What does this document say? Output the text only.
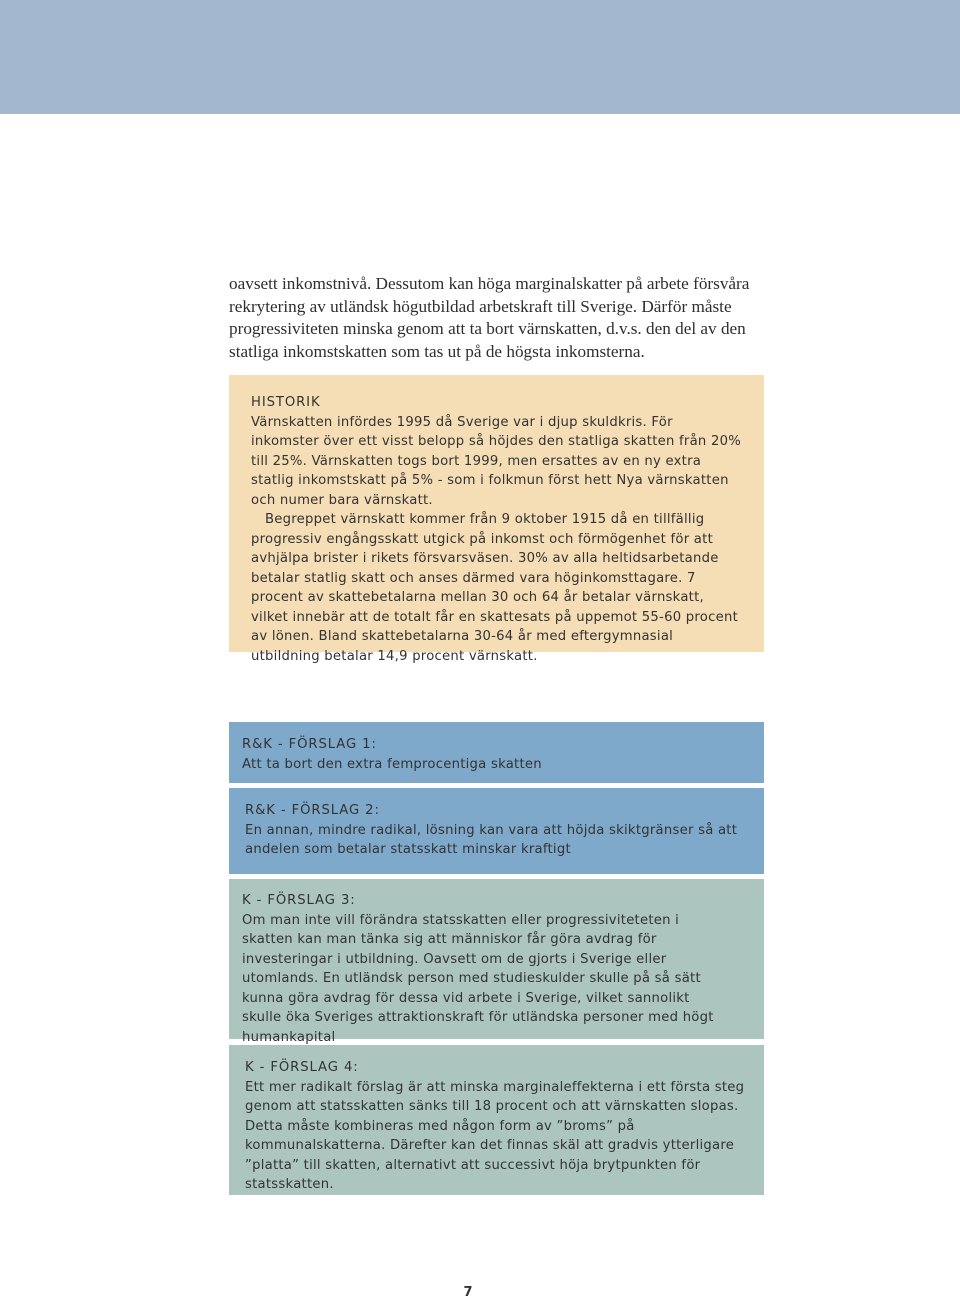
oavsett inkomstnivå. Dessutom kan höga marginalskatter på arbete försvåra rekrytering av utländsk högutbildad arbetskraft till Sverige. Därför måste progressiviteten minska genom att ta bort värnskatten, d.v.s. den del av den statliga inkomstskatten som tas ut på de högsta inkomsterna.

HISTORIK

Värnskatten infördes 1995 då Sverige var i djup skuldkris. För inkomster över ett visst belopp så höjdes den statliga skatten från 20% till 25%. Värnskatten togs bort 1999, men ersattes av en ny extra statlig inkomstskatt på 5% - som i folkmun först hett Nya värnskatten och numer bara värnskatt.

Begreppet värnskatt kommer från 9 oktober 1915 då en tillfällig progressiv engångsskatt utgick på inkomst och förmögenhet för att avhjälpa brister i rikets försvarsväsen. 30% av alla heltidsarbetande betalar statlig skatt och anses därmed vara höginkomsttagare. 7 procent av skattebetalarna mellan 30 och 64 år betalar värnskatt, vilket innebär att de totalt får en skattesats på uppemot 55-60 procent av lönen. Bland skattebetalarna 30-64 år med eftergymnasial utbildning betalar 14,9 procent värnskatt.

R&K - FÖRSLAG 1:

Att ta bort den extra femprocentiga skatten

R&K - FÖRSLAG 2:

En annan, mindre radikal, lösning kan vara att höjda skiktgränser så att andelen som betalar statsskatt minskar kraftigt

K - FÖRSLAG 3:

Om man inte vill förändra statsskatten eller progressiviteteten i skatten kan man tänka sig att människor får göra avdrag för investeringar i utbildning. Oavsett om de gjorts i Sverige eller utomlands. En utländsk person med studieskulder skulle på så sätt kunna göra avdrag för dessa vid arbete i Sverige, vilket sannolikt skulle öka Sveriges attraktionskraft för utländska personer med högt humankapital

K - FÖRSLAG 4:

Ett mer radikalt förslag är att minska marginaleffekterna i ett första steg genom att statsskatten sänks till 18 procent och att värnskatten slopas. Detta måste kombineras med någon form av ”broms” på kommunalskatterna. Därefter kan det finnas skäl att gradvis ytterligare ”platta” till skatten, alternativt att successivt höja brytpunkten för statsskatten.

7
